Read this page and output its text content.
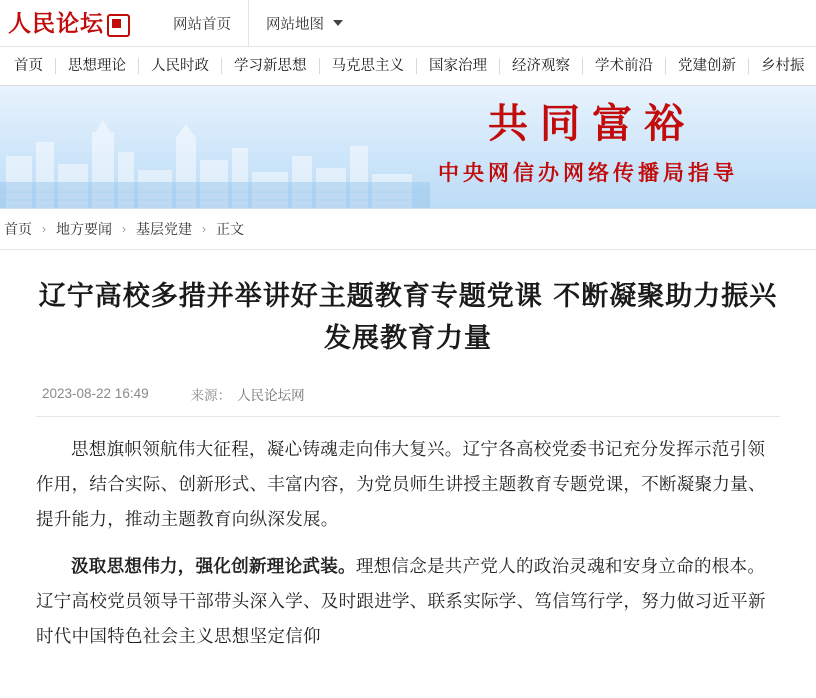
人民论坛	网站首页 网站地图
首页	思想理论	人民时政	学习新思想	马克思主义	国家治理	经济观察	学术前沿	党建创新	乡村振
共同富裕
中央网信办网络传播局指导
首页 › 地方要闻 › 基层党建 › 正文
辽宁高校多措并举讲好主题教育专题党课 不断凝聚助力振兴发展教育力量
2023-08-22 16:49	来源： 人民论坛网

思想旗帜领航伟大征程，凝心铸魂走向伟大复兴。辽宁各高校党委书记充分发挥示范引领作用，结合实际、创新形式、丰富内容，为党员师生讲授主题教育专题党课，不断凝聚力量、提升能力，推动主题教育向纵深发展。

汲取思想伟力，强化创新理论武装。理想信念是共产党人的政治灵魂和安身立命的根本。辽宁高校党员领导干部带头深入学、及时跟进学、联系实际学、笃信笃行学，努力做习近平新时代中国特色社会主义思想坚定信仰
